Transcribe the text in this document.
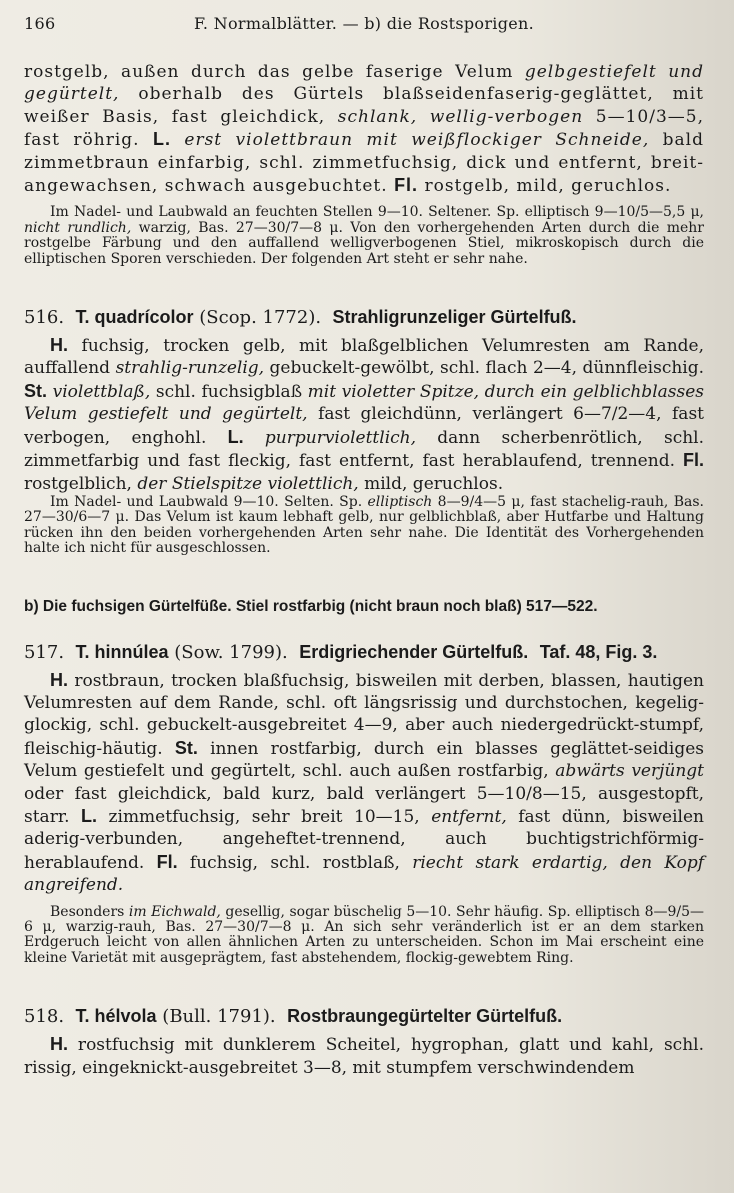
166	F. Normalblätter. — b) die Rostsporigen.

rostgelb, außen durch das gelbe faserige Velum gelbgestiefelt und gegürtelt, oberhalb des Gürtels blaßseidenfaserig-geglättet, mit weißer Basis, fast gleichdick, schlank, wellig-verbogen 5—10/3—5, fast röhrig. L. erst violettbraun mit weißflockiger Schneide, bald zimmetbraun einfarbig, schl. zimmetfuchsig, dick und entfernt, breit-angewachsen, schwach ausgebuchtet. Fl. rostgelb, mild, geruchlos.

Im Nadel- und Laubwald an feuchten Stellen 9—10. Seltener. Sp. elliptisch 9—10/5—5,5 μ, nicht rundlich, warzig, Bas. 27—30/7—8 μ. Von den vorhergehenden Arten durch die mehr rostgelbe Färbung und den auffallend welligverbogenen Stiel, mikroskopisch durch die elliptischen Sporen verschieden. Der folgenden Art steht er sehr nahe.

516. T. quadrícolor (Scop. 1772). Strahligrunzeliger Gürtelfuß.

H. fuchsig, trocken gelb, mit blaßgelblichen Velumresten am Rande, auffallend strahlig-runzelig, gebuckelt-gewölbt, schl. flach 2—4, dünnfleischig. St. violettblaß, schl. fuchsigblaß mit violetter Spitze, durch ein gelblichblasses Velum gestiefelt und gegürtelt, fast gleichdünn, verlängert 6—7/2—4, fast verbogen, enghohl. L. purpurviolettlich, dann scherbenrötlich, schl. zimmetfarbig und fast fleckig, fast entfernt, fast herablaufend, trennend. Fl. rostgelblich, der Stielspitze violettlich, mild, geruchlos.

Im Nadel- und Laubwald 9—10. Selten. Sp. elliptisch 8—9/4—5 μ, fast stachelig-rauh, Bas. 27—30/6—7 μ. Das Velum ist kaum lebhaft gelb, nur gelblichblaß, aber Hutfarbe und Haltung rücken ihn den beiden vorhergehenden Arten sehr nahe. Die Identität des Vorhergehenden halte ich nicht für ausgeschlossen.

b) Die fuchsigen Gürtelfüße. Stiel rostfarbig (nicht braun noch blaß) 517—522.
517. T. hinnúlea (Sow. 1799). Erdigriechender Gürtelfuß. Taf. 48, Fig. 3.

H. rostbraun, trocken blaßfuchsig, bisweilen mit derben, blassen, hautigen Velumresten auf dem Rande, schl. oft längsrissig und durchstochen, kegelig-glockig, schl. gebuckelt-ausgebreitet 4—9, aber auch niedergedrückt-stumpf, fleischig-häutig. St. innen rostfarbig, durch ein blasses geglättet-seidiges Velum gestiefelt und gegürtelt, schl. auch außen rostfarbig, abwärts verjüngt oder fast gleichdick, bald kurz, bald verlängert 5—10/8—15, ausgestopft, starr. L. zimmetfuchsig, sehr breit 10—15, entfernt, fast dünn, bisweilen aderig-verbunden, angeheftet-trennend, auch buchtigstrichförmig-herablaufend. Fl. fuchsig, schl. rostblaß, riecht stark erdartig, den Kopf angreifend.

Besonders im Eichwald, gesellig, sogar büschelig 5—10. Sehr häufig. Sp. elliptisch 8—9/5—6 μ, warzig-rauh, Bas. 27—30/7—8 μ. An sich sehr veränderlich ist er an dem starken Erdgeruch leicht von allen ähnlichen Arten zu unterscheiden. Schon im Mai erscheint eine kleine Varietät mit ausgeprägtem, fast abstehendem, flockig-gewebtem Ring.

518. T. hélvola (Bull. 1791). Rostbraungegürtelter Gürtelfuß.

H. rostfuchsig mit dunklerem Scheitel, hygrophan, glatt und kahl, schl. rissig, eingeknickt-ausgebreitet 3—8, mit stumpfem verschwindendem
